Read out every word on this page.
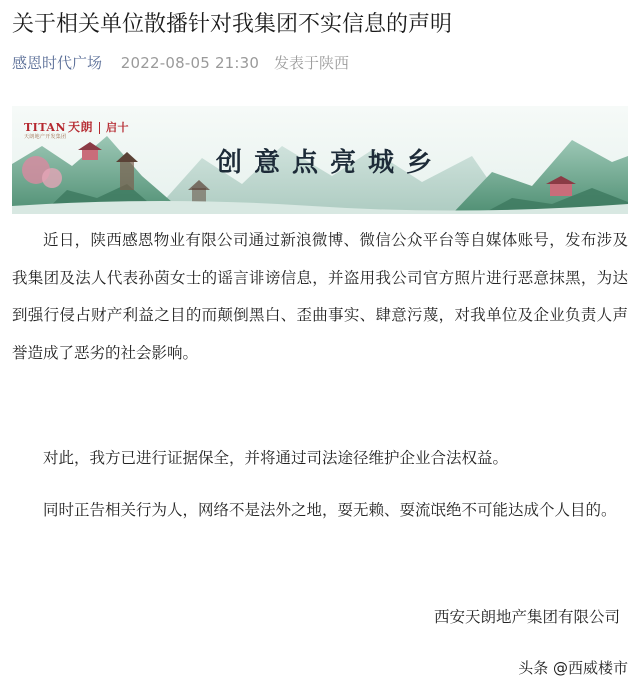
关于相关单位散播针对我集团不实信息的声明
感恩时代广场 2022-08-05 21:30 发表于陕西
TITAN 天朗 启十
天朗地产开发集团
创意点亮城乡
近日，陕西感恩物业有限公司通过新浪微博、微信公众平台等自媒体账号，发布涉及我集团及法人代表孙茵女士的谣言诽谤信息，并盗用我公司官方照片进行恶意抹黑，为达到强行侵占财产利益之目的而颠倒黑白、歪曲事实、肆意污蔑，对我单位及企业负责人声誉造成了恶劣的社会影响。
对此，我方已进行证据保全，并将通过司法途径维护企业合法权益。
同时正告相关行为人，网络不是法外之地，耍无赖、耍流氓绝不可能达成个人目的。
西安天朗地产集团有限公司
头条 @西威楼市
